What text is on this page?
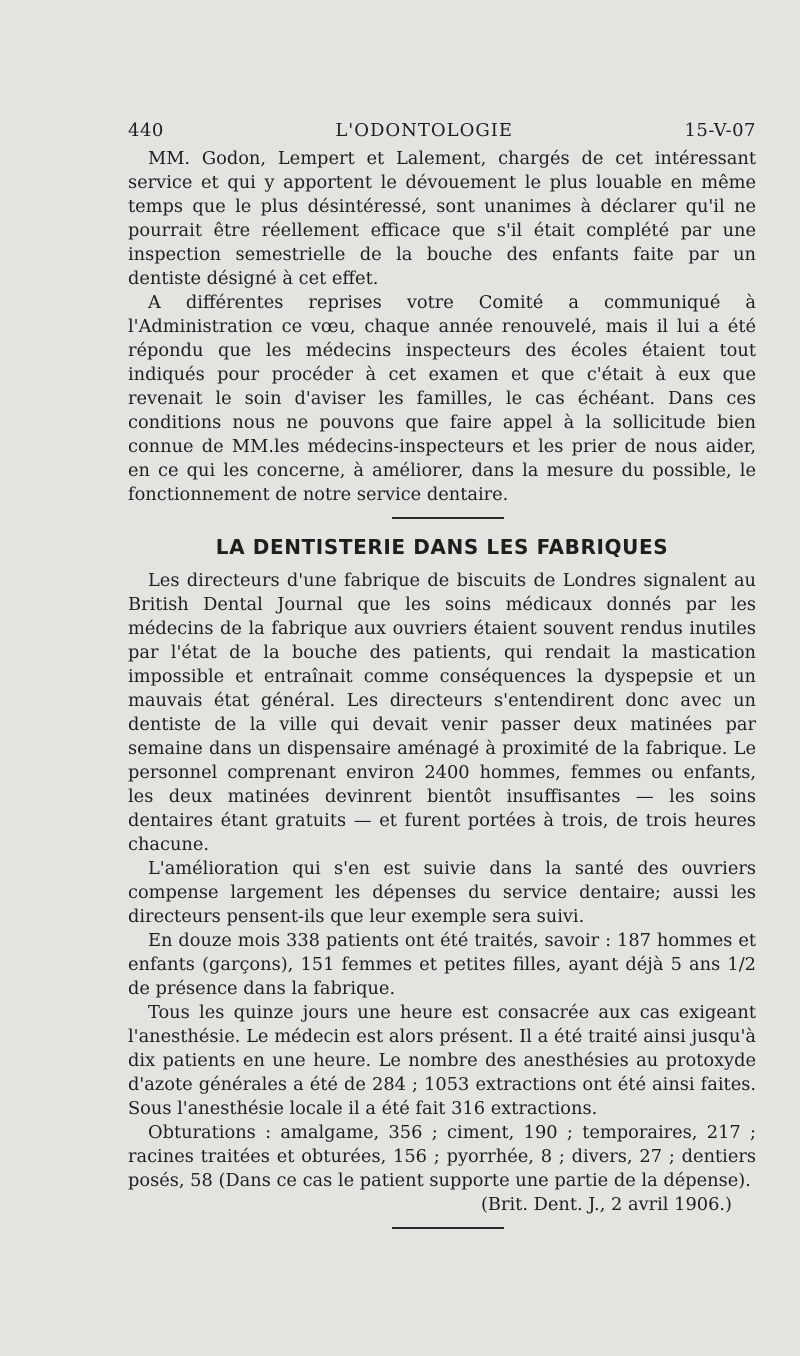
440	L'ODONTOLOGIE	15-V-07

MM. Godon, Lempert et Lalement, chargés de cet intéressant service et qui y apportent le dévouement le plus louable en même temps que le plus désintéressé, sont unanimes à déclarer qu'il ne pourrait être réellement efficace que s'il était complété par une inspection semestrielle de la bouche des enfants faite par un dentiste désigné à cet effet.

A différentes reprises votre Comité a communiqué à l'Administration ce vœu, chaque année renouvelé, mais il lui a été répondu que les médecins inspecteurs des écoles étaient tout indiqués pour procéder à cet examen et que c'était à eux que revenait le soin d'aviser les familles, le cas échéant. Dans ces conditions nous ne pouvons que faire appel à la sollicitude bien connue de MM.les médecins-inspecteurs et les prier de nous aider, en ce qui les concerne, à améliorer, dans la mesure du possible, le fonctionnement de notre service dentaire.

LA DENTISTERIE DANS LES FABRIQUES

Les directeurs d'une fabrique de biscuits de Londres signalent au British Dental Journal que les soins médicaux donnés par les médecins de la fabrique aux ouvriers étaient souvent rendus inutiles par l'état de la bouche des patients, qui rendait la mastication impossible et entraînait comme conséquences la dyspepsie et un mauvais état général. Les directeurs s'entendirent donc avec un dentiste de la ville qui devait venir passer deux matinées par semaine dans un dispensaire aménagé à proximité de la fabrique. Le personnel comprenant environ 2400 hommes, femmes ou enfants, les deux matinées devinrent bientôt insuffisantes — les soins dentaires étant gratuits — et furent portées à trois, de trois heures chacune.

L'amélioration qui s'en est suivie dans la santé des ouvriers compense largement les dépenses du service dentaire; aussi les directeurs pensent-ils que leur exemple sera suivi.

En douze mois 338 patients ont été traités, savoir : 187 hommes et enfants (garçons), 151 femmes et petites filles, ayant déjà 5 ans 1/2 de présence dans la fabrique.

Tous les quinze jours une heure est consacrée aux cas exigeant l'anesthésie. Le médecin est alors présent. Il a été traité ainsi jusqu'à dix patients en une heure. Le nombre des anesthésies au protoxyde d'azote générales a été de 284 ; 1053 extractions ont été ainsi faites. Sous l'anesthésie locale il a été fait 316 extractions.

Obturations : amalgame, 356 ; ciment, 190 ; temporaires, 217 ; racines traitées et obturées, 156 ; pyorrhée, 8 ; divers, 27 ; dentiers posés, 58 (Dans ce cas le patient supporte une partie de la dépense).

(Brit. Dent. J., 2 avril 1906.)
